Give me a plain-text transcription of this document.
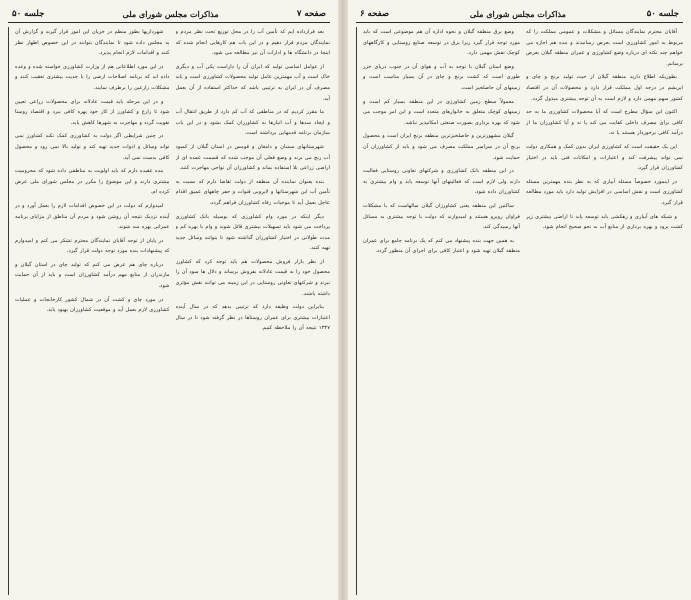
صفحه ۷
مذاکرات مجلس شورای ملی
جلسه ۵۰

بعد قرارداده ایم که تأمین آب را در محل توزیع تحت نظر مردم و نمایندگان مردم قرار دهیم و در این باب هم کارهایی انجام شده که اینجا در دانشگاه ها و ادارات آن نیز مطالعه می شود.

از عوامل اساسی تولید که ایران آن را داراست یکی آب و دیگری خاک است و آب مهمترین عامل تولید محصولات کشاورزی است و باید مصرف آن در ایران به ترتیبی باشد که حداکثر استفاده از آن بعمل آید.

ما مقرر کردیم که در مناطقی که آب کم دارد از طریق انتقال آب و ایجاد سدها و آب انبارها به کشاورزان کمک بشود و در این باب سازمان برنامه قدمهایی برداشته است.

شهرستانهای سمنان و دامغان و قومس در استان گیلان از کمبود آب رنج می برند و وضع فعلی آن موجب شده که قسمت عمده ای از اراضی زراعی بلا استفاده بماند و کشاورزان آن نواحی مهاجرت کنند.

بنده بعنوان نماینده آن منطقه از دولت تقاضا دارم که نسبت به تأمین آب این شهرستانها و لایروبی قنوات و حفر چاههای عمیق اقدام عاجل بعمل آید تا موجبات رفاه کشاورزان فراهم گردد.

دیگر اینکه در مورد وام کشاورزی که بوسیله بانک کشاورزی پرداخت می شود باید تسهیلات بیشتری قائل شوند و وام با بهره کم و مدت طولانی در اختیار کشاورزان گذاشته شود تا بتوانند وسائل جدید تهیه کنند.

از نظر بازار فروش محصولات هم باید توجه کرد که کشاورز محصول خود را به قیمت عادلانه بفروش برساند و دلال ها سود آن را نبرند و شرکتهای تعاونی روستایی در این زمینه می توانند نقش مؤثری داشته باشند.

بنابراین دولت وظیفه دارد که ترتیبی بدهد که در سال آینده اعتبارات بیشتری برای عمران روستاها در نظر گرفته شود تا در سال ۱۳۴۷ نتیجه آن را ملاحظه کنیم.

شهرداریها بطور منظم در جریان این امور قرار گیرند و گزارش آن به مجلس داده شود تا نمایندگان بتوانند در این خصوص اظهار نظر کنند و اقدامات لازم انجام پذیرد.

در این مورد اطلاعاتی هم از وزارت کشاورزی خواسته شده و وعده داده اند که برنامه اصلاحات ارضی را با جدیت بیشتری تعقیب کنند و مشکلات زارعین را برطرف نمایند.

و در این مرحله باید قیمت عادلانه برای محصولات زراعی تعیین شود تا زارع و کشاورز از کار خود بهره کافی ببرد و اقتصاد روستا تقویت گردد و مهاجرت به شهرها کاهش یابد.

در چنین شرایطی اگر دولت به کشاورزی کمک نکند کشاورز نمی تواند وسائل و ادوات جدید تهیه کند و تولید بالا نمی رود و محصول کافی بدست نمی آید.

بنده عقیده دارم که باید اولویت به مناطقی داده شود که محرومیت بیشتری دارند و این موضوع را مکرر در مجلس شورای ملی عرض کرده ام.

امیدوارم که دولت در این خصوص اقدامات لازم را بعمل آورد و در آینده نزدیک نتیجه آن روشن شود و مردم آن مناطق از مزایای برنامه عمرانی بهره مند شوند.

در پایان از توجه آقایان نمایندگان محترم تشکر می کنم و امیدوارم که پیشنهادات بنده مورد توجه دولت قرار گیرد.

درباره چای هم عرض می کنم که تولید چای در استان گیلان و مازندران از منابع مهم درآمد کشاورزان است و باید از آن حمایت شود.

در مورد چای و کشت آن در شمال کشور کارخانجات و عملیات کشاورزی لازم بعمل آید و موقعیت کشاورزان بهبود یابد.

جلسه ۵۰
مذاکرات مجلس شورای ملی
صفحه ۶

آقایان محترم نمایندگان مسائل و مشکلات و عمومی مملکت را که مربوط به امور کشاورزی است بعرض رسانیدند و بنده هم اجازه می خواهم چند نکته ای درباره وضع کشاورزی و عمران منطقه گیلان بعرض برسانم.

بطوریکه اطلاع دارید منطقه گیلان از حیث تولید برنج و چای و ابریشم در درجه اول مملکت قرار دارد و محصولات آن در اقتصاد کشور سهم مهمی دارد و لازم است به آن توجه بیشتری مبذول گردد.

اکنون این سؤال مطرح است که آیا محصولات کشاورزی ما به حد کافی برای مصرف داخلی کفایت می کند یا نه و آیا کشاورزان ما از درآمد کافی برخوردار هستند یا نه.

این یک حقیقت است که کشاورزی ایران بدون کمک و همکاری دولت نمی تواند پیشرفت کند و اعتبارات و امکانات فنی باید در اختیار کشاورزان قرار گیرد.

در اینمورد خصوصاً مسئله آبیاری که به نظر بنده مهمترین مسئله کشاورزی است و نقش اساسی در افزایش تولید دارد باید مورد مطالعه قرار گیرد.

و شبکه های آبیاری و زهکشی باید توسعه یابد تا اراضی بیشتری زیر کشت برود و بهره برداری از منابع آب به نحو صحیح انجام شود.

وضع برق منطقه گیلان و نحوه اداره آن هم موضوعی است که باید مورد توجه قرار گیرد زیرا برق در توسعه صنایع روستایی و کارگاههای کوچک نقش مهمی دارد.

وضع استان گیلان با توجه به آب و هوای آن در جنوب دریای خزر طوری است که کشت برنج و چای در آن بسیار مناسب است و زمینهای آن حاصلخیز است.

معمولاً سطح زمین کشاورزی در این منطقه بسیار کم است و زمینهای کوچک متعلق به خانوارهای متعدد است و این امر موجب می شود که بهره برداری بصورت صنعتی امکانپذیر نباشد.

گیلان مشهورترین و حاصلخیزترین منطقه برنج ایران است و محصول برنج آن در سراسر مملکت مصرف می شود و باید از کشاورزان آن حمایت شود.

در این منطقه بانک کشاورزی و شرکتهای تعاونی روستایی فعالیت دارند ولی لازم است که فعالیتهای آنها توسعه یابد و وام بیشتری به کشاورزان داده شود.

ساکنین این منطقه یعنی کشاورزان گیلان سالهاست که با مشکلات فراوان روبرو هستند و امیدوارند که دولت با توجه بیشتری به مسائل آنها رسیدگی کند.

به همین جهت بنده پیشنهاد می کنم که یک برنامه جامع برای عمران منطقه گیلان تهیه شود و اعتبار کافی برای اجرای آن منظور گردد.
